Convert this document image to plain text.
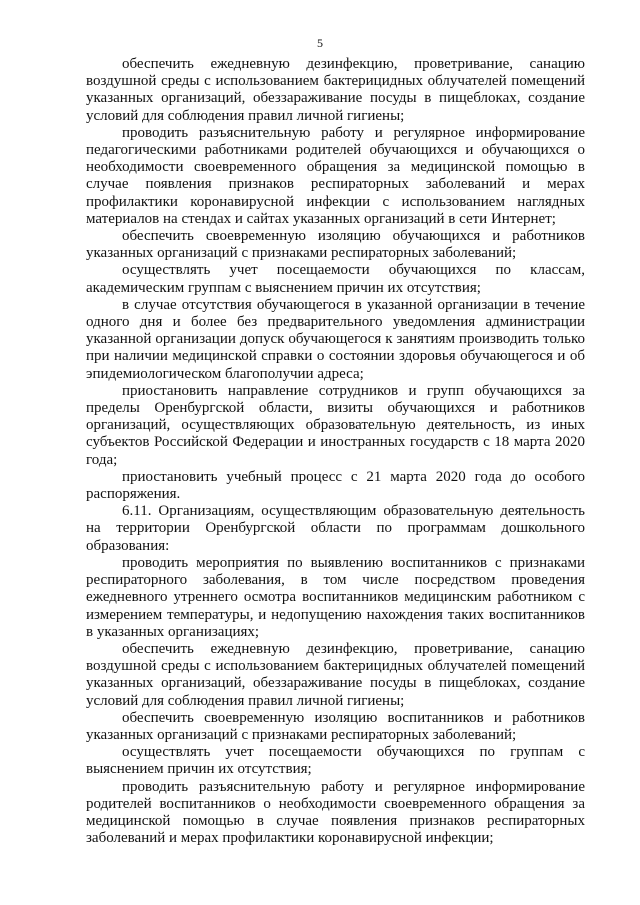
5

обеспечить ежедневную дезинфекцию, проветривание, санацию воздушной среды с использованием бактерицидных облучателей помещений указанных организаций, обеззараживание посуды в пищеблоках, создание условий для соблюдения правил личной гигиены;

проводить разъяснительную работу и регулярное информирование педагогическими работниками родителей обучающихся и обучающихся о необходимости своевременного обращения за медицинской помощью в случае появления признаков респираторных заболеваний и мерах профилактики коронавирусной инфекции с использованием наглядных материалов на стендах и сайтах указанных организаций в сети Интернет;

обеспечить своевременную изоляцию обучающихся и работников указанных организаций с признаками респираторных заболеваний;

осуществлять учет посещаемости обучающихся по классам, академическим группам с выяснением причин их отсутствия;

в случае отсутствия обучающегося в указанной организации в течение одного дня и более без предварительного уведомления администрации указанной организации допуск обучающегося к занятиям производить только при наличии медицинской справки о состоянии здоровья обучающегося и об эпидемиологическом благополучии адреса;

приостановить направление сотрудников и групп обучающихся за пределы Оренбургской области, визиты обучающихся и работников организаций, осуществляющих образовательную деятельность, из иных субъектов Российской Федерации и иностранных государств с 18 марта 2020 года;

приостановить учебный процесс с 21 марта 2020 года до особого распоряжения.

6.11. Организациям, осуществляющим образовательную деятельность на территории Оренбургской области по программам дошкольного образования:

проводить мероприятия по выявлению воспитанников с признаками респираторного заболевания, в том числе посредством проведения ежедневного утреннего осмотра воспитанников медицинским работником с измерением температуры, и недопущению нахождения таких воспитанников в указанных организациях;

обеспечить ежедневную дезинфекцию, проветривание, санацию воздушной среды с использованием бактерицидных облучателей помещений указанных организаций, обеззараживание посуды в пищеблоках, создание условий для соблюдения правил личной гигиены;

обеспечить своевременную изоляцию воспитанников и работников указанных организаций с признаками респираторных заболеваний;

осуществлять учет посещаемости обучающихся по группам с выяснением причин их отсутствия;

проводить разъяснительную работу и регулярное информирование родителей воспитанников о необходимости своевременного обращения за медицинской помощью в случае появления признаков респираторных заболеваний и мерах профилактики коронавирусной инфекции;
